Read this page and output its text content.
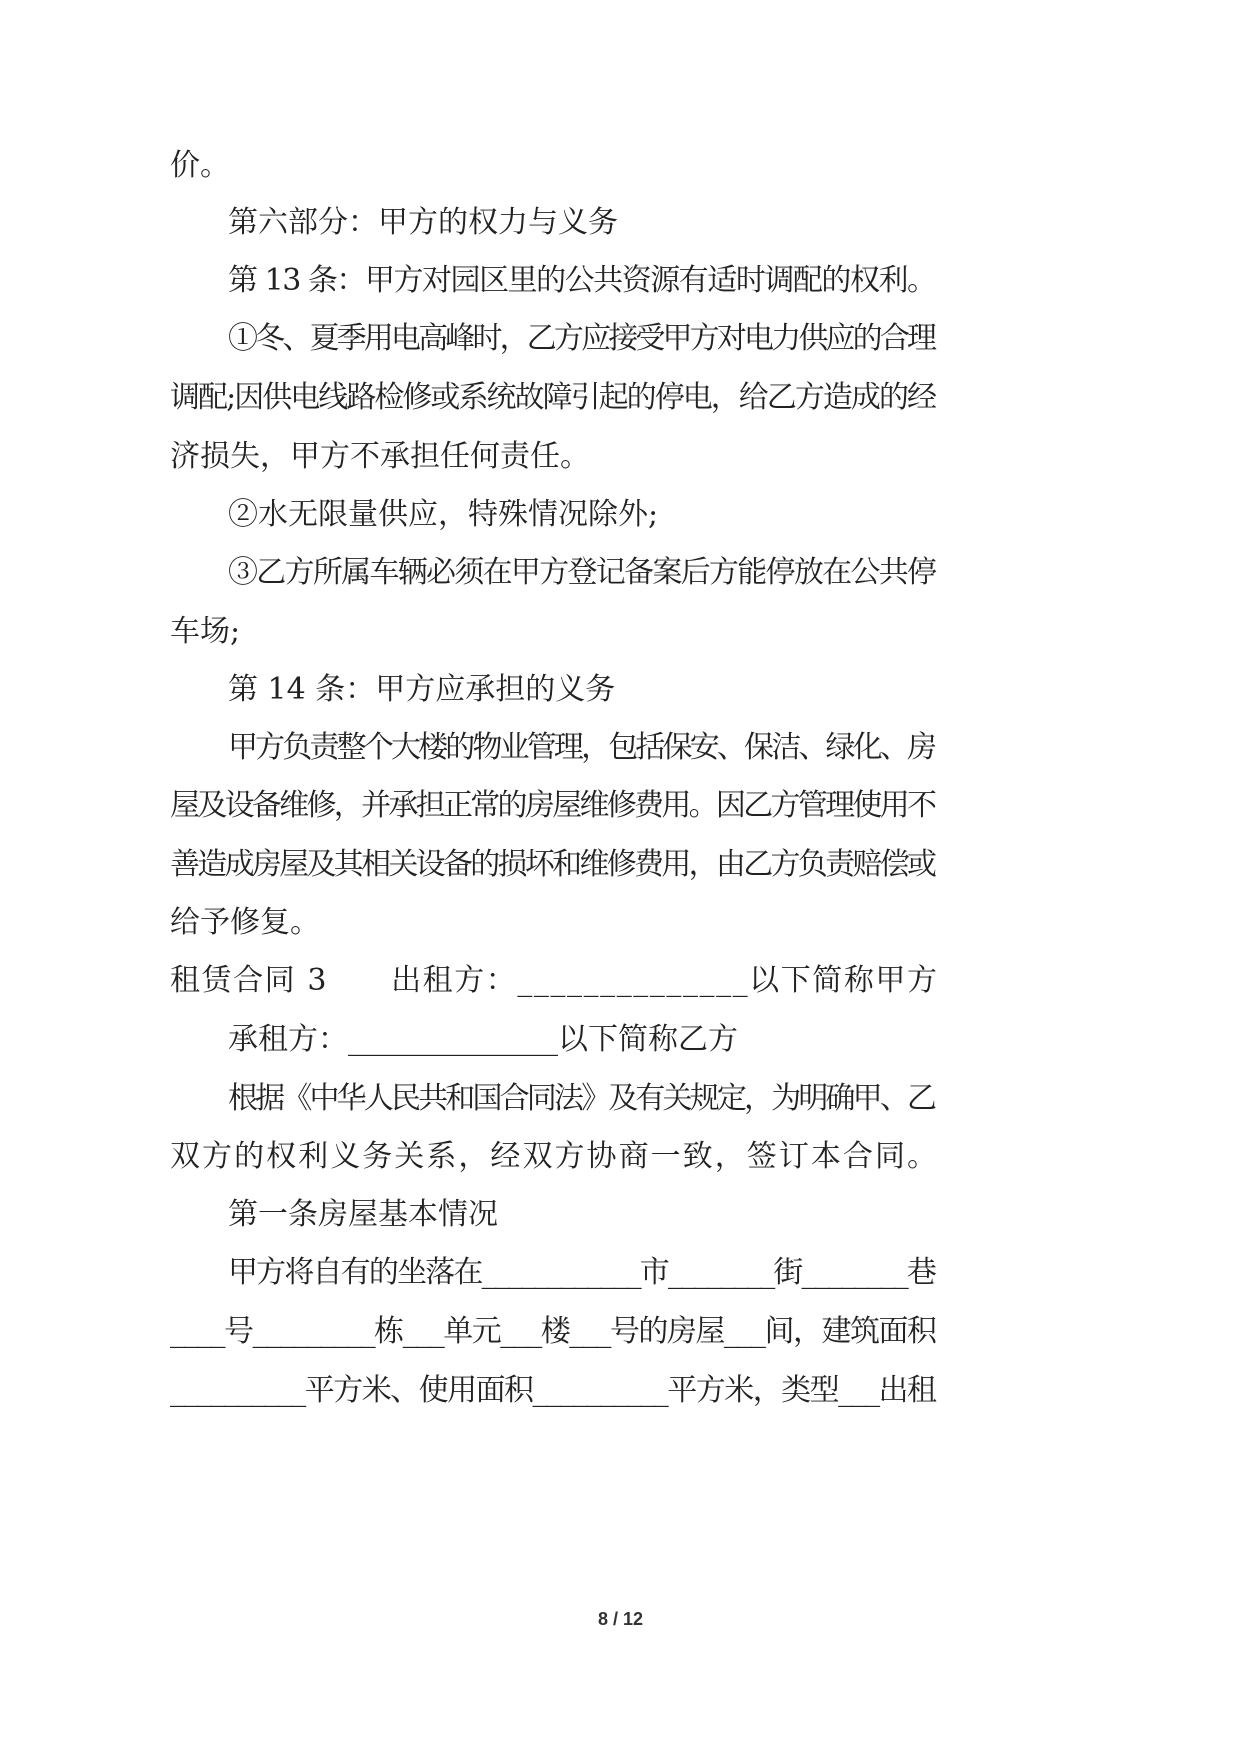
价。
第六部分：甲方的权力与义务
第 13 条：甲方对园区里的公共资源有适时调配的权利。
①冬、夏季用电高峰时，乙方应接受甲方对电力供应的合理
调配;因供电线路检修或系统故障引起的停电，给乙方造成的经
济损失，甲方不承担任何责任。
②水无限量供应，特殊情况除外;
③乙方所属车辆必须在甲方登记备案后方能停放在公共停
车场;
第 14 条：甲方应承担的义务
甲方负责整个大楼的物业管理，包括保安、保洁、绿化、房
屋及设备维修，并承担正常的房屋维修费用。因乙方管理使用不
善造成房屋及其相关设备的损坏和维修费用，由乙方负责赔偿或
给予修复。
租赁合同 3　　出租方：______________以下简称甲方
承租方：______________以下简称乙方
根据《中华人民共和国合同法》及有关规定，为明确甲、乙
双方的权利义务关系，经双方协商一致，签订本合同。
第一条房屋基本情况
甲方将自有的坐落在____________市________街________巷
____号_________栋___单元___楼___号的房屋___间，建筑面积
__________平方米、使用面积__________平方米，类型___出租
8 / 12
